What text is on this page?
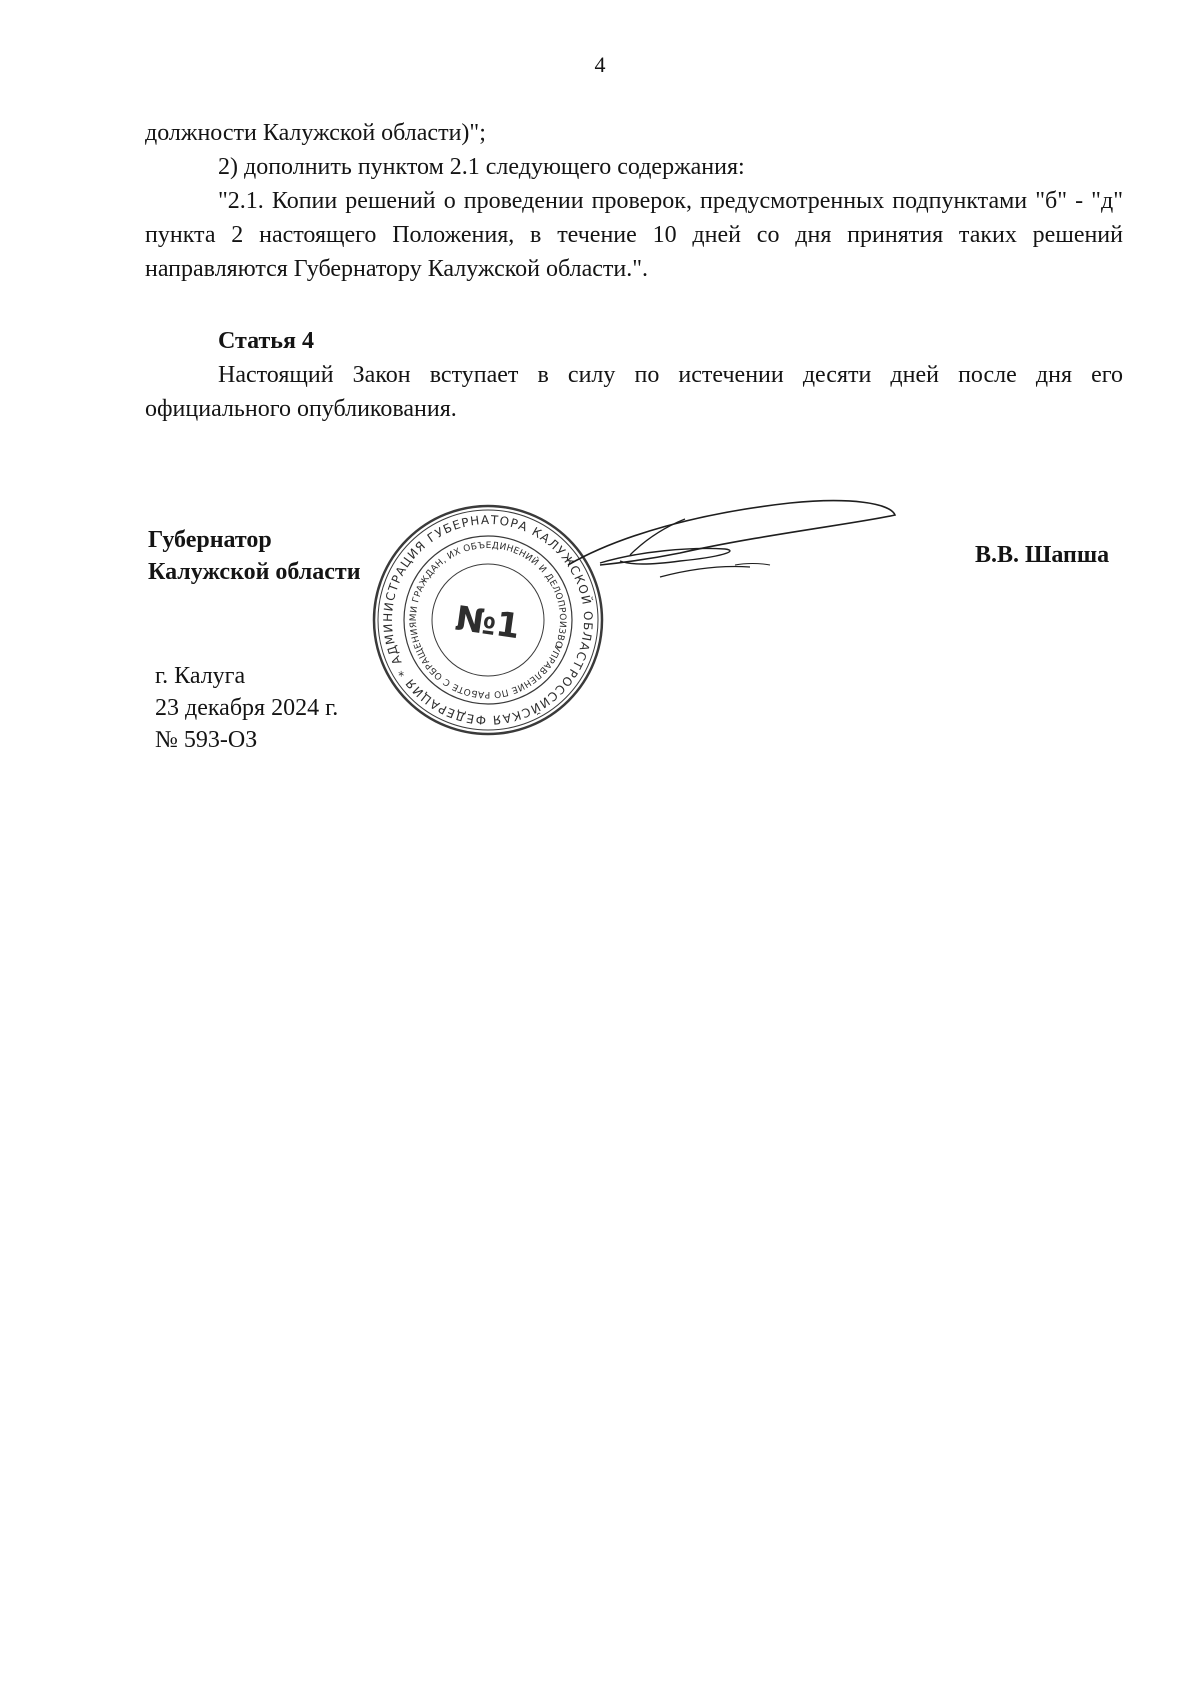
4
должности Калужской области)";
2) дополнить пунктом 2.1 следующего содержания:
"2.1. Копии решений о проведении проверок, предусмотренных подпунктами "б" - "д" пункта 2 настоящего Положения, в течение 10 дней со дня принятия таких решений направляются Губернатору Калужской области.".
Статья 4
Настоящий Закон вступает в силу по истечении десяти дней после дня его официального опубликования.
Губернатор
Калужской области
В.В. Шапша
г. Калуга
23 декабря 2024 г.
№ 593-ОЗ
РОССИЙСКАЯ ФЕДЕРАЦИЯ * АДМИНИСТРАЦИЯ ГУБЕРНАТОРА КАЛУЖСКОЙ ОБЛАСТИ
УПРАВЛЕНИЕ ПО РАБОТЕ С ОБРАЩЕНИЯМИ ГРАЖДАН, ИХ ОБЪЕДИНЕНИЙ И ДЕЛОПРОИЗВОДСТВУ
№1
